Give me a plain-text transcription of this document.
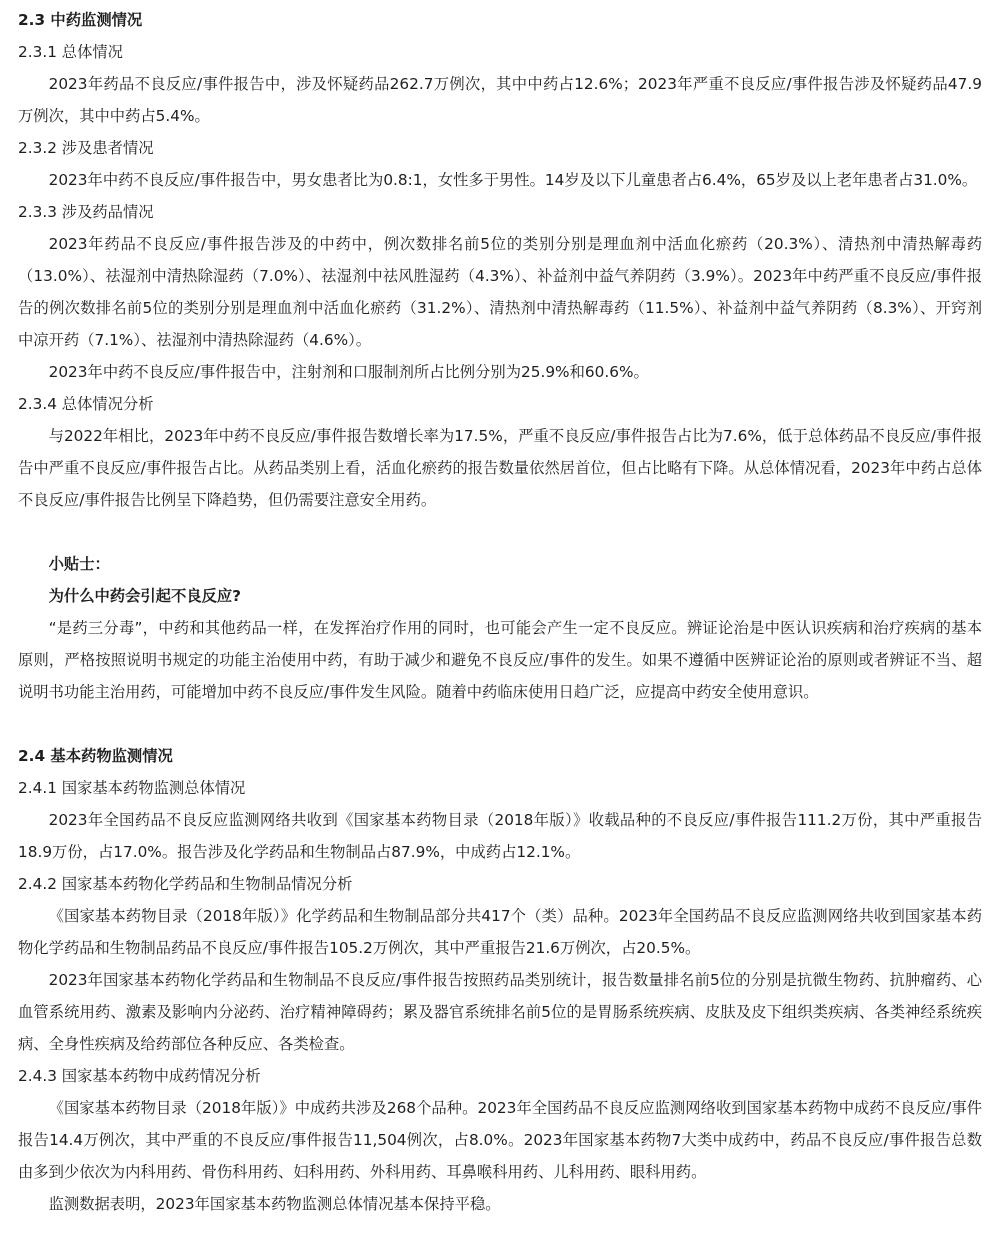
2.3 中药监测情况
2.3.1 总体情况
2023年药品不良反应/事件报告中，涉及怀疑药品262.7万例次，其中中药占12.6%；2023年严重不良反应/事件报告涉及怀疑药品47.9万例次，其中中药占5.4%。
2.3.2 涉及患者情况
2023年中药不良反应/事件报告中，男女患者比为0.8:1，女性多于男性。14岁及以下儿童患者占6.4%，65岁及以上老年患者占31.0%。
2.3.3 涉及药品情况
2023年药品不良反应/事件报告涉及的中药中，例次数排名前5位的类别分别是理血剂中活血化瘀药（20.3%）、清热剂中清热解毒药（13.0%）、祛湿剂中清热除湿药（7.0%）、祛湿剂中祛风胜湿药（4.3%）、补益剂中益气养阴药（3.9%）。2023年中药严重不良反应/事件报告的例次数排名前5位的类别分别是理血剂中活血化瘀药（31.2%）、清热剂中清热解毒药（11.5%）、补益剂中益气养阴药（8.3%）、开窍剂中凉开药（7.1%）、祛湿剂中清热除湿药（4.6%）。
2023年中药不良反应/事件报告中，注射剂和口服制剂所占比例分别为25.9%和60.6%。
2.3.4 总体情况分析
与2022年相比，2023年中药不良反应/事件报告数增长率为17.5%，严重不良反应/事件报告占比为7.6%，低于总体药品不良反应/事件报告中严重不良反应/事件报告占比。从药品类别上看，活血化瘀药的报告数量依然居首位，但占比略有下降。从总体情况看，2023年中药占总体不良反应/事件报告比例呈下降趋势，但仍需要注意安全用药。
小贴士：
为什么中药会引起不良反应?
“是药三分毒”，中药和其他药品一样，在发挥治疗作用的同时，也可能会产生一定不良反应。辨证论治是中医认识疾病和治疗疾病的基本原则，严格按照说明书规定的功能主治使用中药，有助于减少和避免不良反应/事件的发生。如果不遵循中医辨证论治的原则或者辨证不当、超说明书功能主治用药，可能增加中药不良反应/事件发生风险。随着中药临床使用日趋广泛，应提高中药安全使用意识。
2.4 基本药物监测情况
2.4.1 国家基本药物监测总体情况
2023年全国药品不良反应监测网络共收到《国家基本药物目录（2018年版）》收载品种的不良反应/事件报告111.2万份，其中严重报告18.9万份，占17.0%。报告涉及化学药品和生物制品占87.9%，中成药占12.1%。
2.4.2 国家基本药物化学药品和生物制品情况分析
《国家基本药物目录（2018年版）》化学药品和生物制品部分共417个（类）品种。2023年全国药品不良反应监测网络共收到国家基本药物化学药品和生物制品药品不良反应/事件报告105.2万例次，其中严重报告21.6万例次，占20.5%。
2023年国家基本药物化学药品和生物制品不良反应/事件报告按照药品类别统计，报告数量排名前5位的分别是抗微生物药、抗肿瘤药、心血管系统用药、激素及影响内分泌药、治疗精神障碍药；累及器官系统排名前5位的是胃肠系统疾病、皮肤及皮下组织类疾病、各类神经系统疾病、全身性疾病及给药部位各种反应、各类检查。
2.4.3 国家基本药物中成药情况分析
《国家基本药物目录（2018年版）》中成药共涉及268个品种。2023年全国药品不良反应监测网络收到国家基本药物中成药不良反应/事件报告14.4万例次，其中严重的不良反应/事件报告11,504例次，占8.0%。2023年国家基本药物7大类中成药中，药品不良反应/事件报告总数由多到少依次为内科用药、骨伤科用药、妇科用药、外科用药、耳鼻喉科用药、儿科用药、眼科用药。
监测数据表明，2023年国家基本药物监测总体情况基本保持平稳。
